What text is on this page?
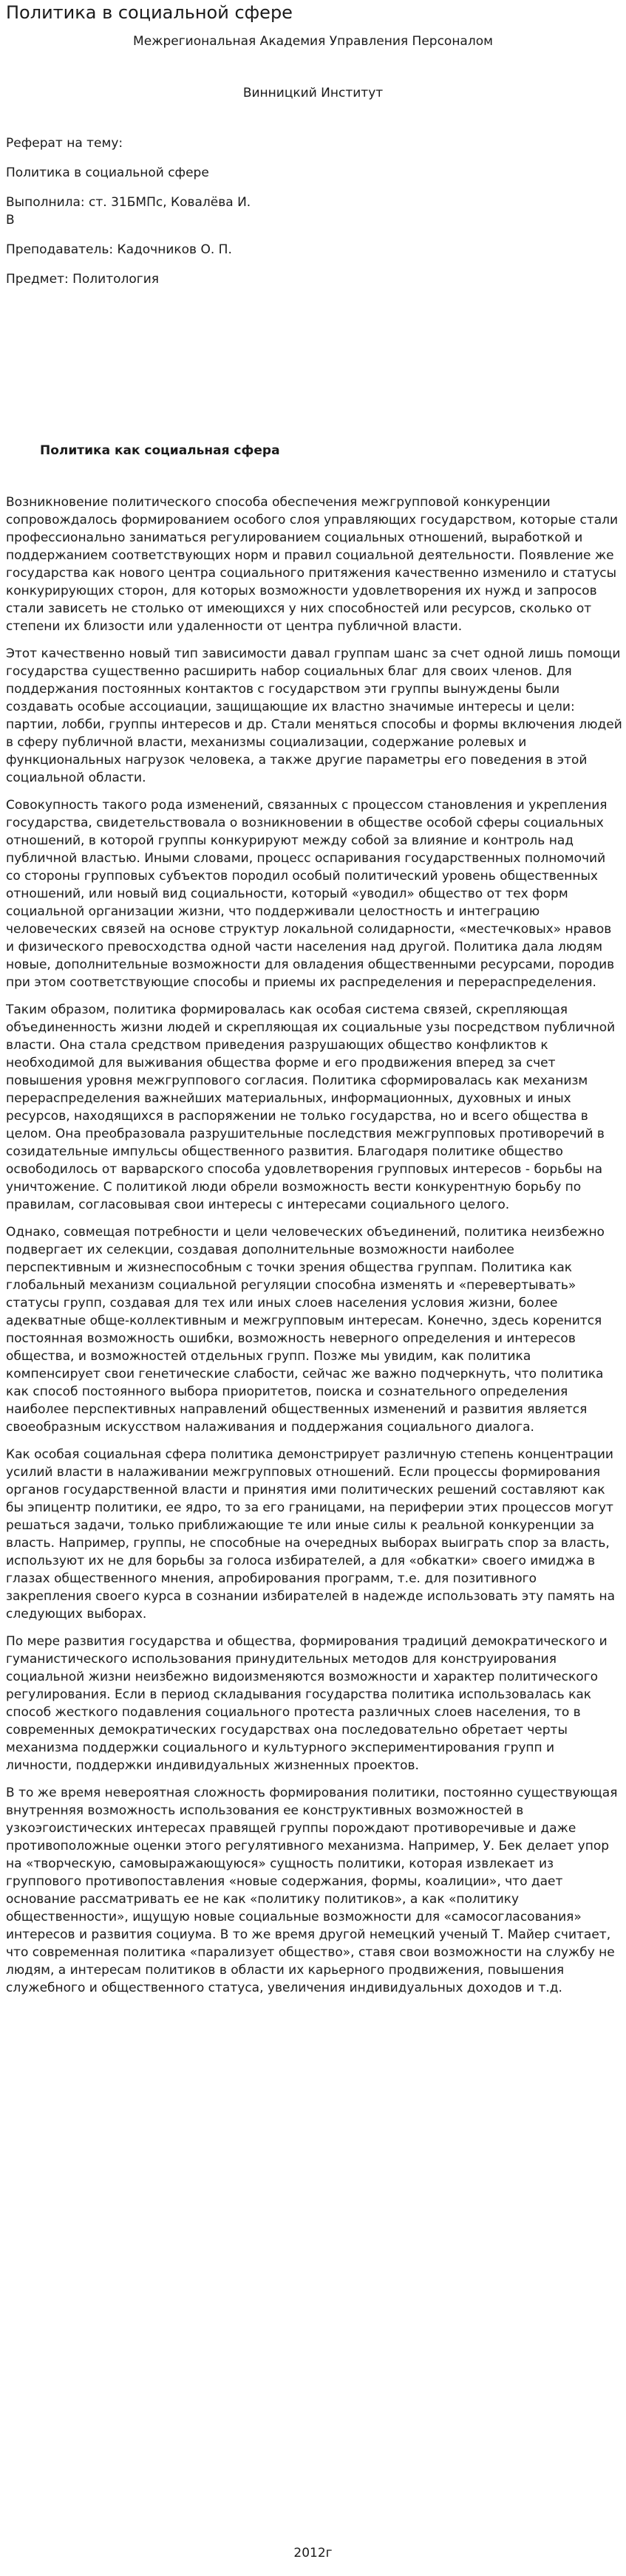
Политика в социальной сфере
Межрегиональная Академия Управления Персоналом
Винницкий Институт
Реферат на тему:
Политика в социальной сфере
Выполнила: ст. 31БМПс, Ковалёва И.
В
Преподаватель: Кадочников О. П.
Предмет: Политология
Политика как социальная сфера

Возникновение политического способа обеспечения межгрупповой конкуренции сопровождалось формированием особого слоя управляющих государством, которые стали профессионально заниматься регулированием социальных отношений, выработкой и поддержанием соответствующих норм и правил социальной деятельности. Появление же государства как нового центра социального притяжения качественно изменило и статусы конкурирующих сторон, для которых возможности удовлетворения их нужд и запросов стали зависеть не столько от имеющихся у них способностей или ресурсов, сколько от степени их близости или удаленности от центра публичной власти.

Этот качественно новый тип зависимости давал группам шанс за счет одной лишь помощи государства существенно расширить набор социальных благ для своих членов. Для поддержания постоянных контактов с государством эти группы вынуждены были создавать особые ассоциации, защищающие их властно значимые интересы и цели: партии, лобби, группы интересов и др. Стали меняться способы и формы включения людей в сферу публичной власти, механизмы социализации, содержание ролевых и функциональных нагрузок человека, а также другие параметры его поведения в этой социальной области.

Совокупность такого рода изменений, связанных с процессом становления и укрепления государства, свидетельствовала о возникновении в обществе особой сферы социальных отношений, в которой группы конкурируют между собой за влияние и контроль над публичной властью. Иными словами, процесс оспаривания государственных полномочий со стороны групповых субъектов породил особый политический уровень общественных отношений, или новый вид социальности, который «уводил» общество от тех форм социальной организации жизни, что поддерживали целостность и интеграцию человеческих связей на основе структур локальной солидарности, «местечковых» нравов и физического превосходства одной части населения над другой. Политика дала людям новые, дополнительные возможности для овладения общественными ресурсами, породив при этом соответствующие способы и приемы их распределения и перераспределения.

Таким образом, политика формировалась как особая система связей, скрепляющая объединенность жизни людей и скрепляющая их социальные узы посредством публичной власти. Она стала средством приведения разрушающих общество конфликтов к необходимой для выживания общества форме и его продвижения вперед за счет повышения уровня межгруппового согласия. Политика сформировалась как механизм перераспределения важнейших материальных, информационных, духовных и иных ресурсов, находящихся в распоряжении не только государства, но и всего общества в целом. Она преобразовала разрушительные последствия межгрупповых противоречий в созидательные импульсы общественного развития. Благодаря политике общество освободилось от варварского способа удовлетворения групповых интересов - борьбы на уничтожение. С политикой люди обрели возможность вести конкурентную борьбу по правилам, согласовывая свои интересы с интересами социального целого.

Однако, совмещая потребности и цели человеческих объединений, политика неизбежно подвергает их селекции, создавая дополнительные возможности наиболее перспективным и жизнеспособным с точки зрения общества группам. Политика как глобальный механизм социальной регуляции способна изменять и «перевертывать» статусы групп, создавая для тех или иных слоев населения условия жизни, более адекватные обще-коллективным и межгрупповым интересам. Конечно, здесь коренится постоянная возможность ошибки, возможность неверного определения и интересов общества, и возможностей отдельных групп. Позже мы увидим, как политика компенсирует свои генетические слабости, сейчас же важно подчеркнуть, что политика как способ постоянного выбора приоритетов, поиска и сознательного определения наиболее перспективных направлений общественных изменений и развития является своеобразным искусством налаживания и поддержания социального диалога.

Как особая социальная сфера политика демонстрирует различную степень концентрации усилий власти в налаживании межгрупповых отношений. Если процессы формирования органов государственной власти и принятия ими политических решений составляют как бы эпицентр политики, ее ядро, то за его границами, на периферии этих процессов могут решаться задачи, только приближающие те или иные силы к реальной конкуренции за власть. Например, группы, не способные на очередных выборах выиграть спор за власть, используют их не для борьбы за голоса избирателей, а для «обкатки» своего имиджа в глазах общественного мнения, апробирования программ, т.е. для позитивного закрепления своего курса в сознании избирателей в надежде использовать эту память на следующих выборах.

По мере развития государства и общества, формирования традиций демократического и гуманистического использования принудительных методов для конструирования социальной жизни неизбежно видоизменяются возможности и характер политического регулирования. Если в период складывания государства политика использовалась как способ жесткого подавления социального протеста различных слоев населения, то в современных демократических государствах она последовательно обретает черты механизма поддержки социального и культурного экспериментирования групп и личности, поддержки индивидуальных жизненных проектов.

В то же время невероятная сложность формирования политики, постоянно существующая внутренняя возможность использования ее конструктивных возможностей в узкоэгоистических интересах правящей группы порождают противоречивые и даже противоположные оценки этого регулятивного механизма. Например, У. Бек делает упор на «творческую, самовыражающуюся» сущность политики, которая извлекает из группового противопоставления «новые содержания, формы, коалиции», что дает основание рассматривать ее не как «политику политиков», а как «политику общественности», ищущую новые социальные возможности для «самосогласования» интересов и развития социума. В то же время другой немецкий ученый Т. Майер считает, что современная политика «парализует общество», ставя свои возможности на службу не людям, а интересам политиков в области их карьерного продвижения, повышения служебного и общественного статуса, увеличения индивидуальных доходов и т.д.

2012г
